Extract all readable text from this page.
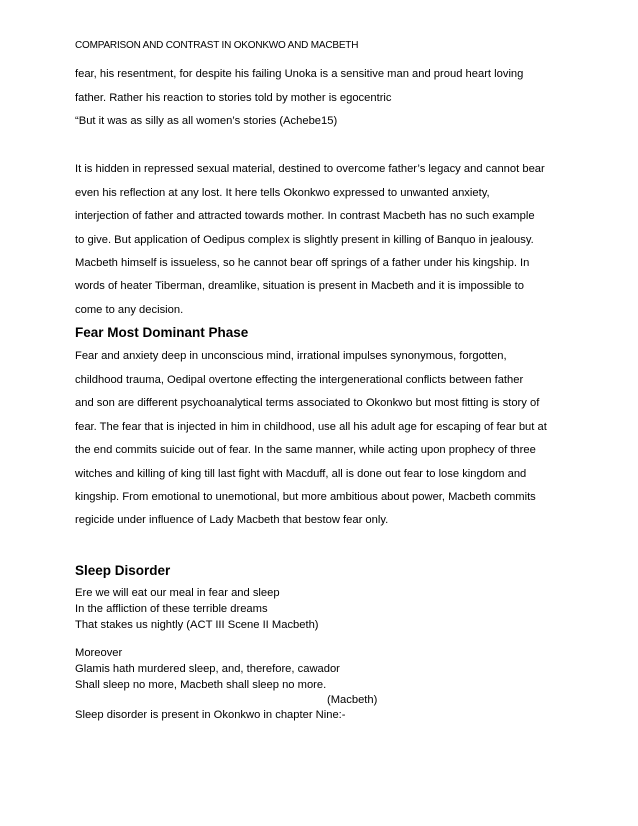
COMPARISON AND CONTRAST IN OKONKWO AND MACBETH
fear, his resentment, for despite his failing Unoka is a sensitive man and proud heart loving
father. Rather his reaction to stories told by mother is egocentric
“But it was as silly as all women’s stories (Achebe15)
It is hidden in repressed sexual material, destined to overcome father’s legacy and cannot bear
even his reflection at any lost. It here tells Okonkwo expressed to unwanted anxiety,
interjection of father and attracted towards mother. In contrast Macbeth has no such example
to give. But application of Oedipus complex is slightly present in killing of Banquo in jealousy.
Macbeth himself is issueless, so he cannot bear off springs of a father under his kingship. In
words of heater Tiberman, dreamlike, situation is present in Macbeth and it is impossible to
come to any decision.
Fear Most Dominant Phase
Fear and anxiety deep in unconscious mind, irrational impulses synonymous, forgotten,
childhood trauma, Oedipal overtone effecting the intergenerational conflicts between father
and son are different psychoanalytical terms associated to Okonkwo but most fitting is story of
fear. The fear that is injected in him in childhood, use all his adult age for escaping of fear but at
the end commits suicide out of fear. In the same manner, while acting upon prophecy of three
witches and killing of king till last fight with Macduff, all is done out fear to lose kingdom and
kingship. From emotional to unemotional, but more ambitious about power, Macbeth commits
regicide under influence of Lady Macbeth that bestow fear only.
Sleep Disorder
Ere we will eat our meal in fear and sleep
In the affliction of these terrible dreams
That stakes us nightly (ACT III Scene II Macbeth)
Moreover
Glamis hath murdered sleep, and, therefore, cawador
Shall sleep no more, Macbeth shall sleep no more.
(Macbeth)
Sleep disorder is present in Okonkwo in chapter Nine:-
